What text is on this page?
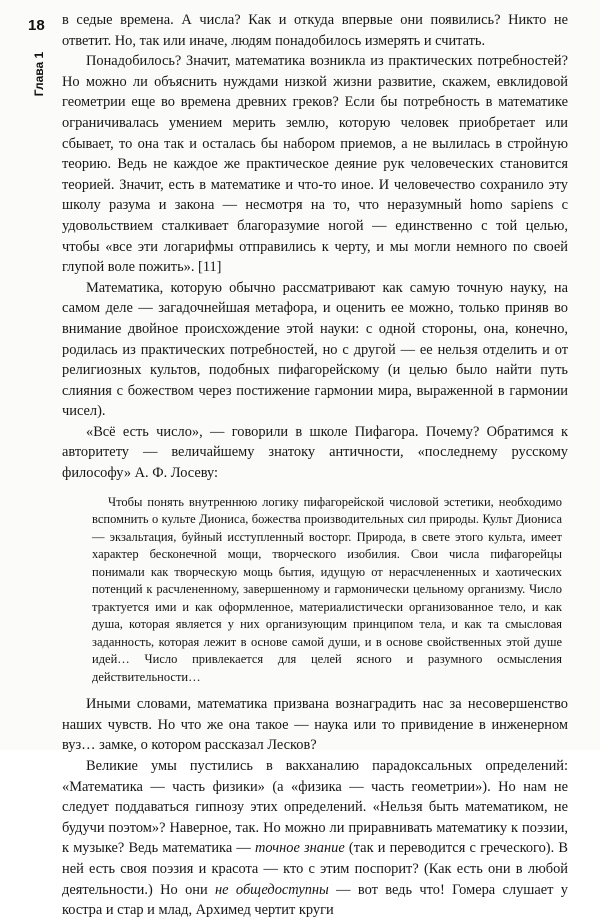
18
Глава 1

в седые времена. А числа? Как и откуда впервые они появились? Никто не ответит. Но, так или иначе, людям понадобилось измерять и считать.

Понадобилось? Значит, математика возникла из практических потребностей? Но можно ли объяснить нуждами низкой жизни развитие, скажем, евклидовой геометрии еще во времена древних греков? Если бы потребность в математике ограничивалась умением мерить землю, которую человек приобретает или сбывает, то она так и осталась бы набором приемов, а не вылилась в стройную теорию. Ведь не каждое же практическое деяние рук человеческих становится теорией. Значит, есть в математике и что-то иное. И человечество сохранило эту школу разума и закона — несмотря на то, что неразумный homo sapiens с удовольствием сталкивает благоразумие ногой — единственно с той целью, чтобы «все эти логарифмы отправились к черту, и мы могли немного по своей глупой воле пожить». [11]

Математика, которую обычно рассматривают как самую точную науку, на самом деле — загадочнейшая метафора, и оценить ее можно, только приняв во внимание двойное происхождение этой науки: с одной стороны, она, конечно, родилась из практических потребностей, но с другой — ее нельзя отделить и от религиозных культов, подобных пифагорейскому (и целью было найти путь слияния с божеством через постижение гармонии мира, выраженной в гармонии чисел).

«Всё есть число», — говорили в школе Пифагора. Почему? Обратимся к авторитету — величайшему знатоку античности, «последнему русскому философу» А. Ф. Лосеву:

Чтобы понять внутреннюю логику пифагорейской числовой эстетики, необходимо вспомнить о культе Диониса, божества производительных сил природы. Культ Диониса — экзальтация, буйный исступленный восторг. Природа, в свете этого культа, имеет характер бесконечной мощи, творческого изобилия. Свои числа пифагорейцы понимали как творческую мощь бытия, идущую от нерасчлененных и хаотических потенций к расчлененному, завершенному и гармонически цельному организму. Число трактуется ими и как оформленное, материалистически организованное тело, и как душа, которая является у них организующим принципом тела, и как та смысловая заданность, которая лежит в основе самой души, и в основе свойственных этой душе идей… Число привлекается для целей ясного и разумного осмысления действительности…

Иными словами, математика призвана вознаградить нас за несовершенство наших чувств. Но что же она такое — наука или то привидение в инженерном вуз… замке, о котором рассказал Лесков?

Великие умы пустились в вакханалию парадоксальных определений: «Математика — часть физики» (а «физика — часть геометрии»). Но нам не следует поддаваться гипнозу этих определений. «Нельзя быть математиком, не будучи поэтом»? Наверное, так. Но можно ли приравнивать математику к поэзии, к музыке? Ведь математика — точное знание (так и переводится с греческого). В ней есть своя поэзия и красота — кто с этим поспорит? (Как есть они в любой деятельности.) Но они не общедоступны — вот ведь что! Гомера слушает у костра и стар и млад, Архимед чертит круги
